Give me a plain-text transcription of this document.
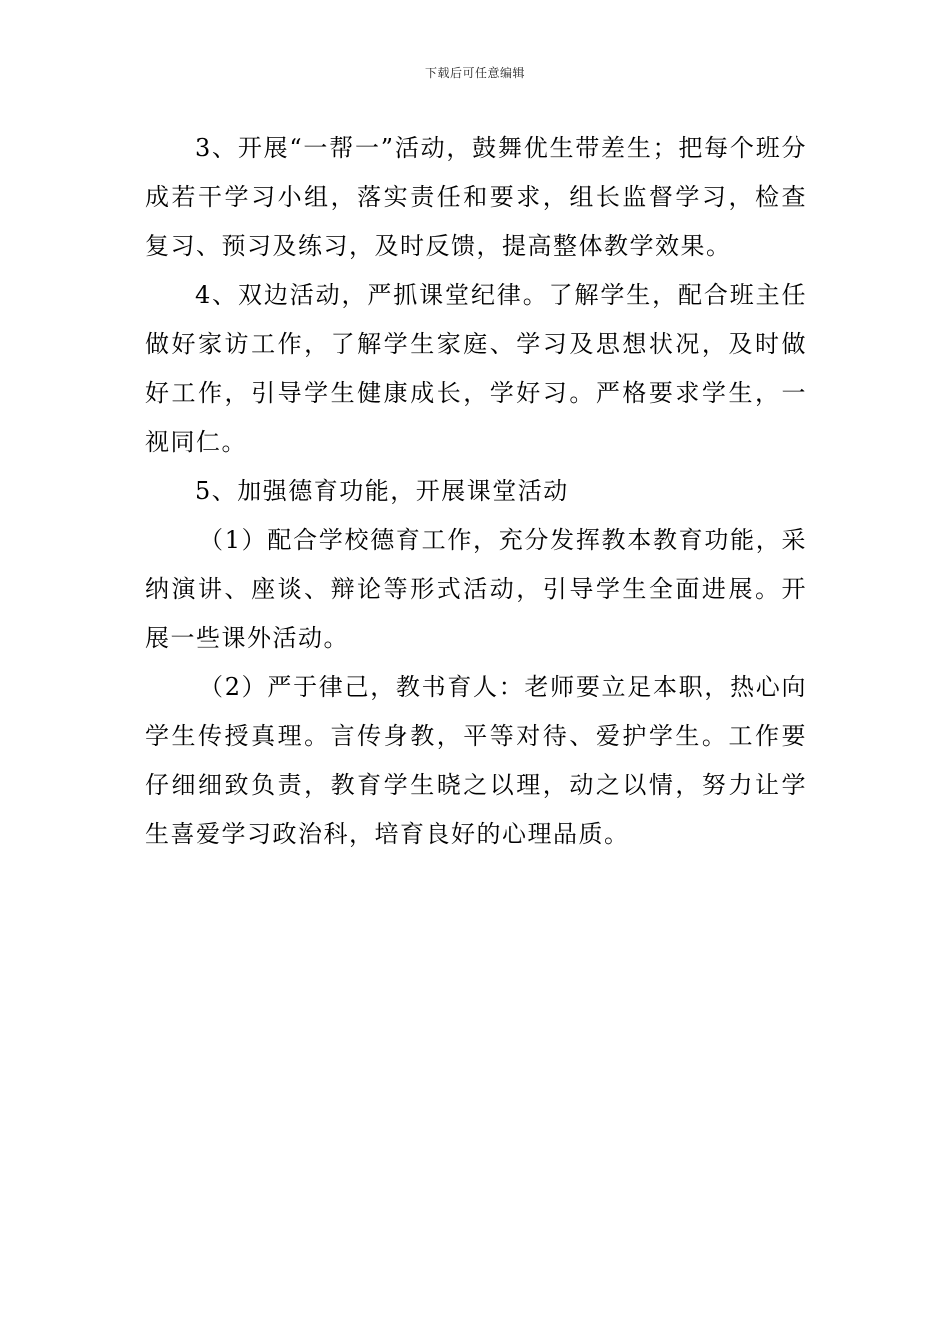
下载后可任意编辑

3、开展“一帮一”活动，鼓舞优生带差生；把每个班分成若干学习小组，落实责任和要求，组长监督学习，检查复习、预习及练习，及时反馈，提高整体教学效果。

4、双边活动，严抓课堂纪律。了解学生，配合班主任做好家访工作，了解学生家庭、学习及思想状况，及时做好工作，引导学生健康成长，学好习。严格要求学生，一视同仁。

5、加强德育功能，开展课堂活动

（1）配合学校德育工作，充分发挥教本教育功能，采纳演讲、座谈、辩论等形式活动，引导学生全面进展。开展一些课外活动。

（2）严于律己，教书育人：老师要立足本职，热心向学生传授真理。言传身教，平等对待、爱护学生。工作要仔细细致负责，教育学生晓之以理，动之以情，努力让学生喜爱学习政治科，培育良好的心理品质。
